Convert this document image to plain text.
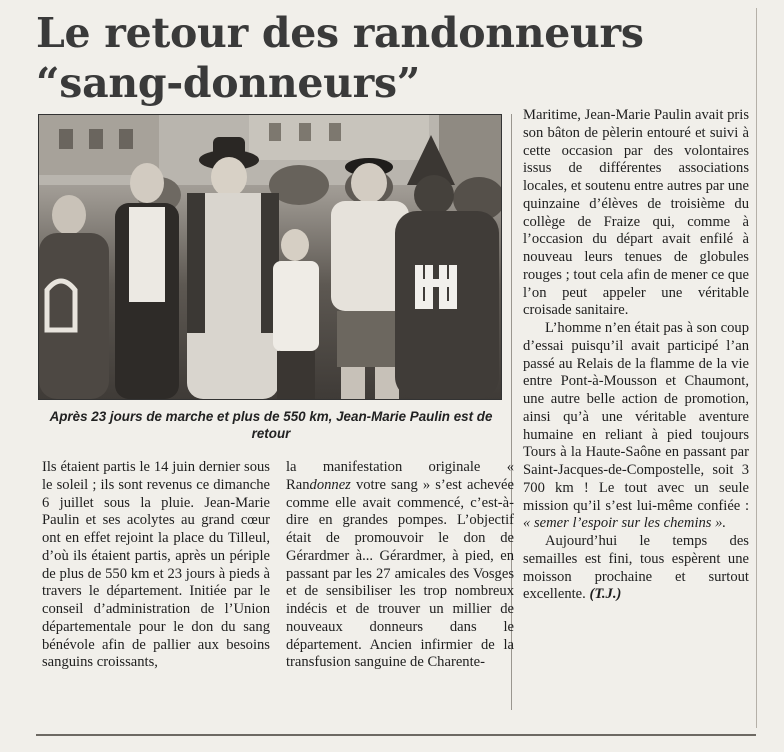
Le retour des randonneurs
“sang-donneurs”
Après 23 jours de marche et plus de 550 km, Jean-Marie Paulin est de retour

Ils étaient partis le 14 juin dernier sous le soleil ; ils sont revenus ce dimanche 6 juillet sous la pluie. Jean-Marie Paulin et ses acolytes au grand cœur ont en effet rejoint la place du Tilleul, d’où ils étaient partis, après un périple de plus de 550 km et 23 jours à pieds à travers le département. Initiée par le conseil d’administration de l’Union départementale pour le don du sang bénévole afin de pallier aux besoins sanguins croissants,

la manifestation originale « Randonnez votre sang » s’est achevée comme elle avait commencé, c’est-à-dire en grandes pompes. L’objectif était de promouvoir le don de Gérardmer à... Gérardmer, à pied, en passant par les 27 amicales des Vosges et de sensibiliser les trop nombreux indécis et de trouver un millier de nouveaux donneurs dans le département. Ancien infirmier de la transfusion sanguine de Charente-

Maritime, Jean-Marie Paulin avait pris son bâton de pèlerin entouré et suivi à cette occasion par des volontaires issus de différentes associations locales, et soutenu entre autres par une quinzaine d’élèves de troisième du collège de Fraize qui, comme à l’occasion du départ avait enfilé à nouveau leurs tenues de globules rouges ; tout cela afin de mener ce que l’on peut appeler une véritable croisade sanitaire.
L’homme n’en était pas à son coup d’essai puisqu’il avait participé l’an passé au Relais de la flamme de la vie entre Pont-à-Mousson et Chaumont, une autre belle action de promotion, ainsi qu’à une véritable aventure humaine en reliant à pied toujours Tours à la Haute-Saône en passant par Saint-Jacques-de-Compostelle, soit 3 700 km ! Le tout avec un seule mission qu’il s’est lui-même confiée : « semer l’espoir sur les chemins ».
Aujourd’hui le temps des semailles est fini, tous espèrent une moisson prochaine et surtout excellente. (T.J.)
